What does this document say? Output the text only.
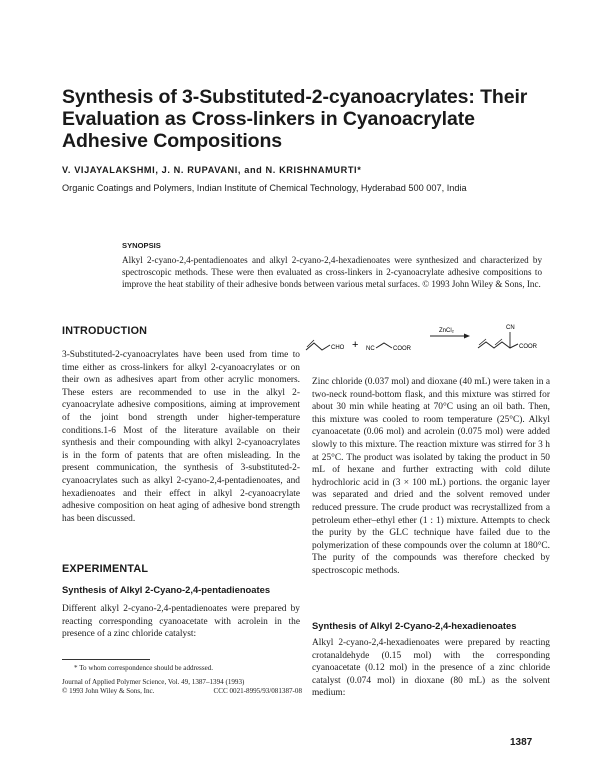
Synthesis of 3-Substituted-2-cyanoacrylates: Their Evaluation as Cross-linkers in Cyanoacrylate Adhesive Compositions
V. VIJAYALAKSHMI, J. N. RUPAVANI, and N. KRISHNAMURTI*
Organic Coatings and Polymers, Indian Institute of Chemical Technology, Hyderabad 500 007, India
SYNOPSIS

Alkyl 2-cyano-2,4-pentadienoates and alkyl 2-cyano-2,4-hexadienoates were synthesized and characterized by spectroscopic methods. These were then evaluated as cross-linkers in 2-cyanoacrylate adhesive compositions to improve the heat stability of their adhesive bonds between various metal surfaces. © 1993 John Wiley & Sons, Inc.

INTRODUCTION

3-Substituted-2-cyanoacrylates have been used from time to time either as cross-linkers for alkyl 2-cyanoacrylates or on their own as adhesives apart from other acrylic monomers. These esters are recommended to use in the alkyl 2-cyanoacrylate adhesive compositions, aiming at improvement of the joint bond strength under higher-temperature conditions.1-6 Most of the literature available on their synthesis and their compounding with alkyl 2-cyanoacrylates is in the form of patents that are often misleading. In the present communication, the synthesis of 3-substituted-2-cyanoacrylates such as alkyl 2-cyano-2,4-pentadienoates, and hexadienoates and their effect in alkyl 2-cyanoacrylate adhesive composition on heat aging of adhesive bond strength has been discussed.

EXPERIMENTAL
Synthesis of Alkyl 2-Cyano-2,4-pentadienoates

Different alkyl 2-cyano-2,4-pentadienoates were prepared by reacting corresponding cyanoacetate with acrolein in the presence of a zinc chloride catalyst:

CHO + NC	COOR
ZnCl₂	CN
COOR

Zinc chloride (0.037 mol) and dioxane (40 mL) were taken in a two-neck round-bottom flask, and this mixture was stirred for about 30 min while heating at 70°C using an oil bath. Then, this mixture was cooled to room temperature (25°C). Alkyl cyanoacetate (0.06 mol) and acrolein (0.075 mol) were added slowly to this mixture. The reaction mixture was stirred for 3 h at 25°C. The product was isolated by taking the product in 50 mL of hexane and further extracting with cold dilute hydrochloric acid in (3 × 100 mL) portions. the organic layer was separated and dried and the solvent removed under reduced pressure. The crude product was recrystallized from a petroleum ether–ethyl ether (1 : 1) mixture. Attempts to check the purity by the GLC technique have failed due to the polymerization of these compounds over the column at 180°C. The purity of the compounds was therefore checked by spectroscopic methods.

Synthesis of Alkyl 2-Cyano-2,4-hexadienoates

Alkyl 2-cyano-2,4-hexadienoates were prepared by reacting crotanaldehyde (0.15 mol) with the corresponding cyanoacetate (0.12 mol) in the presence of a zinc chloride catalyst (0.074 mol) in dioxane (80 mL) as the solvent medium:

* To whom correspondence should be addressed.
Journal of Applied Polymer Science, Vol. 49, 1387–1394 (1993)
© 1993 John Wiley & Sons, Inc.	CCC 0021-8995/93/081387-08
1387
